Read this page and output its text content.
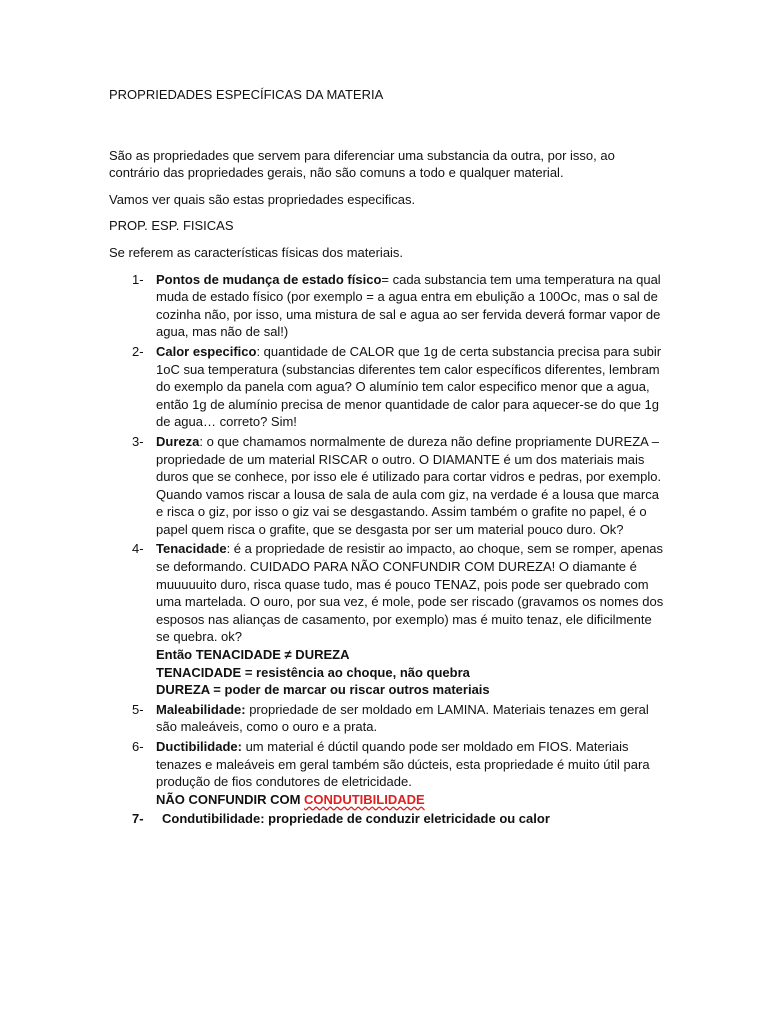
PROPRIEDADES ESPECÍFICAS DA MATERIA

São as propriedades que servem para diferenciar uma substancia da outra, por isso, ao contrário das propriedades gerais, não são comuns a todo e qualquer material.

Vamos ver quais são estas propriedades especificas.

PROP. ESP. FISICAS

Se referem as características físicas dos materiais.

1- Pontos de mudança de estado físico= cada substancia tem uma temperatura na qual muda de estado físico (por exemplo = a agua entra em ebulição a 100Oc, mas o sal de cozinha não, por isso, uma mistura de sal e agua ao ser fervida deverá formar vapor de agua, mas não de sal!)
2- Calor especifico: quantidade de CALOR que 1g de certa substancia precisa para subir 1oC sua temperatura (substancias diferentes tem calor específicos diferentes, lembram do exemplo da panela com agua? O alumínio tem calor especifico menor que a agua, então 1g de alumínio precisa de menor quantidade de calor para aquecer-se do que 1g de agua… correto? Sim!
3- Dureza: o que chamamos normalmente de dureza não define propriamente DUREZA – propriedade de um material RISCAR o outro. O DIAMANTE é um dos materiais mais duros que se conhece, por isso ele é utilizado para cortar vidros e pedras, por exemplo. Quando vamos riscar a lousa de sala de aula com giz, na verdade é a lousa que marca e risca o giz, por isso o giz vai se desgastando. Assim também o grafite no papel, é o papel quem risca o grafite, que se desgasta por ser um material pouco duro. Ok?
4- Tenacidade: é a propriedade de resistir ao impacto, ao choque, sem se romper, apenas se deformando. CUIDADO PARA NÃO CONFUNDIR COM DUREZA! O diamante é muuuuuito duro, risca quase tudo, mas é pouco TENAZ, pois pode ser quebrado com uma martelada. O ouro, por sua vez, é mole, pode ser riscado (gravamos os nomes dos esposos nas alianças de casamento, por exemplo) mas é muito tenaz, ele dificilmente se quebra. ok?
Então TENACIDADE ≠ DUREZA
TENACIDADE = resistência ao choque, não quebra
DUREZA = poder de marcar ou riscar outros materiais
5- Maleabilidade: propriedade de ser moldado em LAMINA. Materiais tenazes em geral são maleáveis, como o ouro e a prata.
6- Ductibilidade: um material é dúctil quando pode ser moldado em FIOS. Materiais tenazes e maleáveis em geral também são dúcteis, esta propriedade é muito útil para produção de fios condutores de eletricidade.
NÃO CONFUNDIR COM CONDUTIBILIDADE
7-	Condutibilidade: propriedade de conduzir eletricidade ou calor
